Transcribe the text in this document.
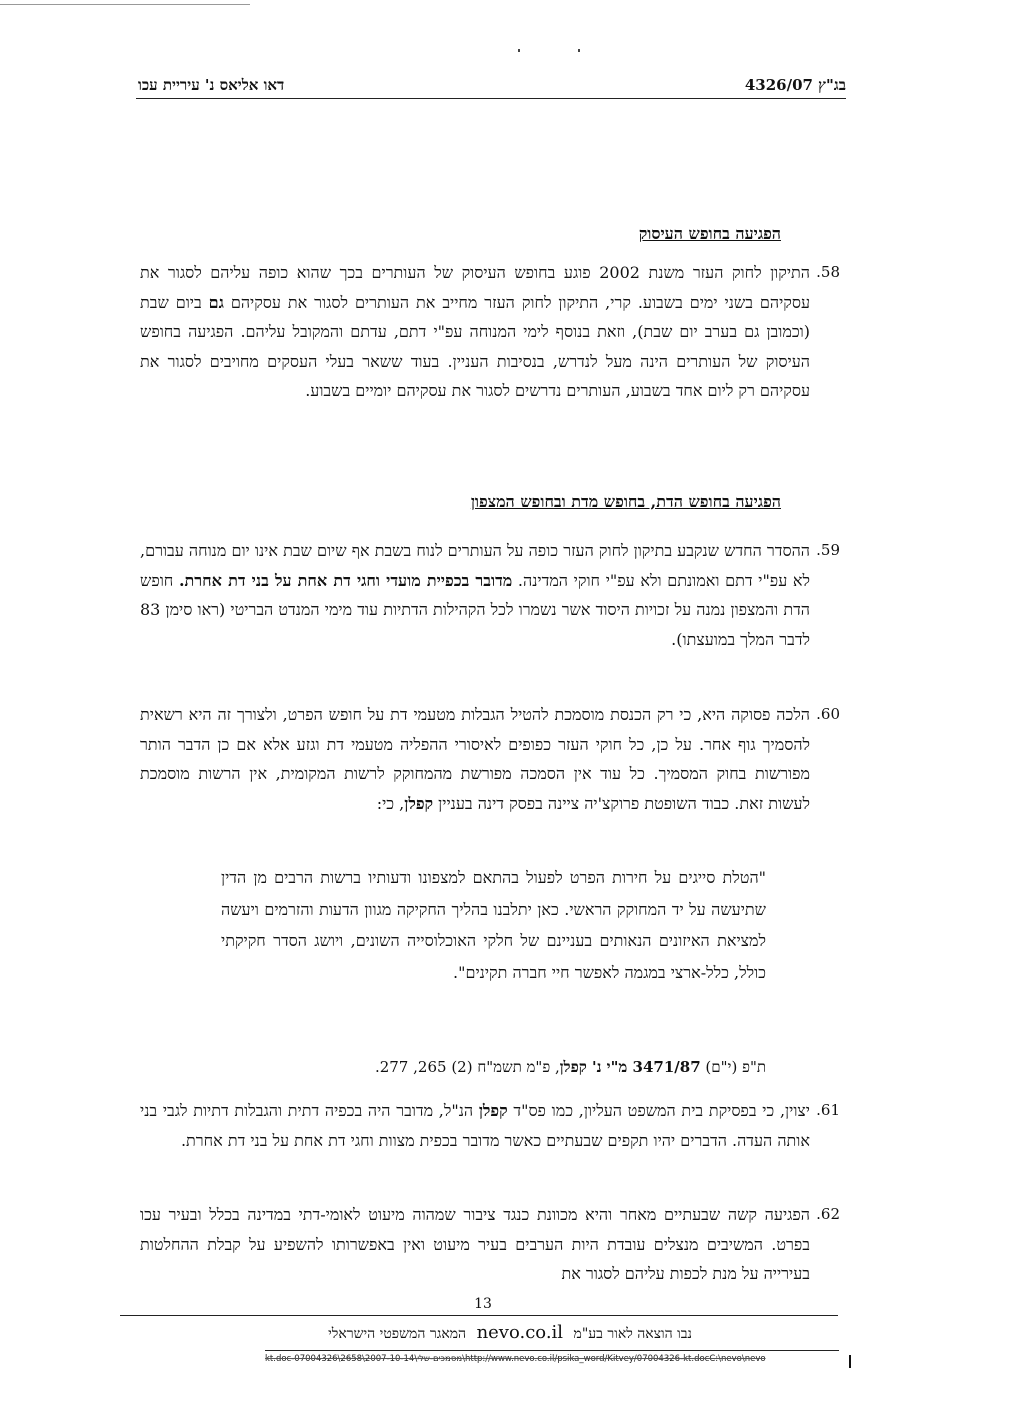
בג"ץ 4326/07
דאו אליאס נ' עיריית עכו
הפגיעה בחופש העיסוק
58.
התיקון לחוק העזר משנת 2002 פוגע בחופש העיסוק של העותרים בכך שהוא כופה עליהם לסגור את עסקיהם בשני ימים בשבוע. קרי, התיקון לחוק העזר מחייב את העותרים לסגור את עסקיהם גם ביום שבת (וכמובן גם בערב יום שבת), וזאת בנוסף לימי המנוחה עפ"י דתם, עדתם והמקובל עליהם. הפגיעה בחופש העיסוק של העותרים הינה מעל לנדרש, בנסיבות העניין. בעוד ששאר בעלי העסקים מחויבים לסגור את עסקיהם רק ליום אחד בשבוע, העותרים נדרשים לסגור את עסקיהם יומיים בשבוע.
הפגיעה בחופש הדת, בחופש מדת ובחופש המצפון
59.
ההסדר החדש שנקבע בתיקון לחוק העזר כופה על העותרים לנוח בשבת אף שיום שבת אינו יום מנוחה עבורם, לא עפ"י דתם ואמונתם ולא עפ"י חוקי המדינה. מדובר בכפיית מועדי וחגי דת אחת על בני דת אחרת. חופש הדת והמצפון נמנה על זכויות היסוד אשר נשמרו לכל הקהילות הדתיות עוד מימי המנדט הבריטי (ראו סימן 83 לדבר המלך במועצתו).
60.
הלכה פסוקה היא, כי רק הכנסת מוסמכת להטיל הגבלות מטעמי דת על חופש הפרט, ולצורך זה היא רשאית להסמיך גוף אחר. על כן, כל חוקי העזר כפופים לאיסורי ההפליה מטעמי דת וגזע אלא אם כן הדבר הותר מפורשות בחוק המסמיך. כל עוד אין הסמכה מפורשת מהמחוקק לרשות המקומית, אין הרשות מוסמכת לעשות זאת. כבוד השופטת פרוקצ'יה ציינה בפסק דינה בעניין קפלן, כי:
"הטלת סייגים על חירות הפרט לפעול בהתאם למצפונו ודעותיו ברשות הרבים מן הדין שתיעשה על יד המחוקק הראשי. כאן יתלבנו בהליך החקיקה מגוון הדעות והזרמים ויעשה למציאת האיזונים הנאותים בעניינם של חלקי האוכלוסייה השונים, ויושג הסדר חקיקתי כולל, כלל-ארצי במגמה לאפשר חיי חברה תקינים".
ת"פ (י"ם) 3471/87 מ"י נ' קפלן, פ"מ תשמ"ח (2) 265, 277.
61.
יצוין, כי בפסיקת בית המשפט העליון, כמו פס"ד קפלן הנ"ל, מדובר היה בכפיה דתית והגבלות דתיות לגבי בני אותה העדה. הדברים יהיו תקפים שבעתיים כאשר מדובר בכפית מצוות וחגי דת אחת על בני דת אחרת.
62.
הפגיעה קשה שבעתיים מאחר והיא מכוונת כנגד ציבור שמהוה מיעוט לאומי-דתי במדינה בכלל ובעיר עכו בפרט. המשיבים מנצלים עובדת היות הערבים בעיר מיעוט ואין באפשרותו להשפיע על קבלת ההחלטות בעירייה על מנת לכפות עליהם לסגור את
13
נבו הוצאה לאור בע"מ nevo.co.il המאגר המשפטי הישראלי
kt.doc-07004326\2658\2007-10-14\מסמכים-שלי\http://www.nevo.co.il/psika_word/Kitvey/07004326-kt.docC:\nevo\nevo
